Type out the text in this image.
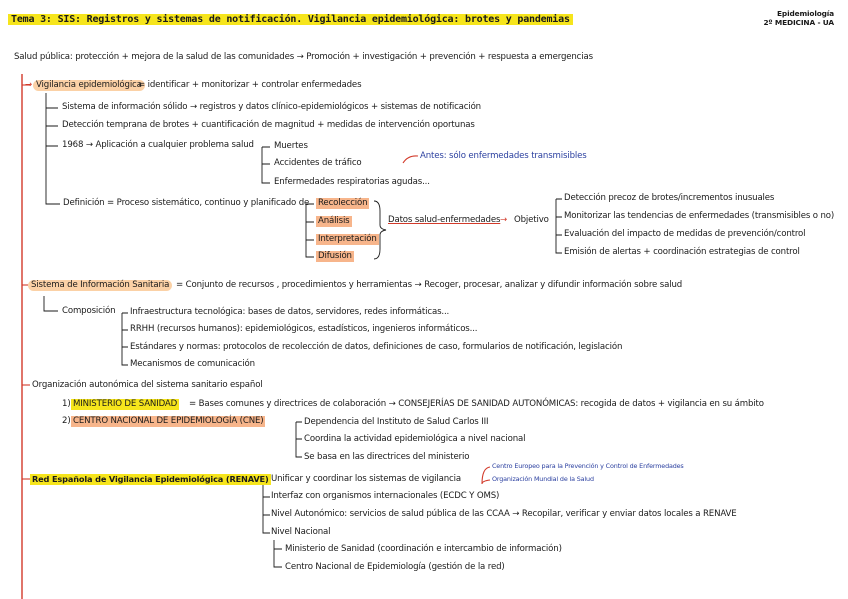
Tema 3: SIS: Registros y sistemas de notificación. Vigilancia epidemiológica: brotes y pandemias
Epidemiología
2º MEDICINA - UA
Salud pública: protección + mejora de la salud de las comunidades → Promoción + investigación + prevención + respuesta a emergencias
→ Vigilancia epidemiológica
= identificar + monitorizar + controlar enfermedades
Sistema de información sólido → registros y datos clínico-epidemiológicos + sistemas de notificación
Detección temprana de brotes + cuantificación de magnitud + medidas de intervención oportunas
1968 → Aplicación a cualquier problema salud Muertes
Accidentes de tráfico
Enfermedades respiratorias agudas...
Antes: sólo enfermedades transmisibles
Definición = Proceso sistemático, continuo y planificado de Recolección
Análisis
Interpretación
Difusión
Datos salud-enfermedades → Objetivo
Detección precoz de brotes/incrementos inusuales
Monitorizar las tendencias de enfermedades (transmisibles o no)
Evaluación del impacto de medidas de prevención/control
Emisión de alertas + coordinación estrategias de control
Sistema de Información Sanitaria = Conjunto de recursos , procedimientos y herramientas → Recoger, procesar, analizar y difundir información sobre salud
Composición Infraestructura tecnológica: bases de datos, servidores, redes informáticas...
RRHH (recursos humanos): epidemiológicos, estadísticos, ingenieros informáticos...
Estándares y normas: protocolos de recolección de datos, definiciones de caso, formularios de notificación, legislación
Mecanismos de comunicación
Organización autonómica del sistema sanitario español
1) MINISTERIO DE SANIDAD = Bases comunes y directrices de colaboración → CONSEJERÍAS DE SANIDAD AUTONÓMICAS: recogida de datos + vigilancia en su ámbito
2) CENTRO NACIONAL DE EPIDEMIOLOGÍA (CNE)	Dependencia del Instituto de Salud Carlos III
Coordina la actividad epidemiológica a nivel nacional
Se basa en las directrices del ministerio
Red Española de Vigilancia Epidemiológica (RENAVE) Unificar y coordinar los sistemas de vigilancia
Interfaz con organismos internacionales (ECDC Y OMS)
Nivel Autonómico: servicios de salud pública de las CCAA → Recopilar, verificar y enviar datos locales a RENAVE
Nivel Nacional
Centro Europeo para la Prevención y Control de Enfermedades
Organización Mundial de la Salud
Ministerio de Sanidad (coordinación e intercambio de información)
Centro Nacional de Epidemiología (gestión de la red)
